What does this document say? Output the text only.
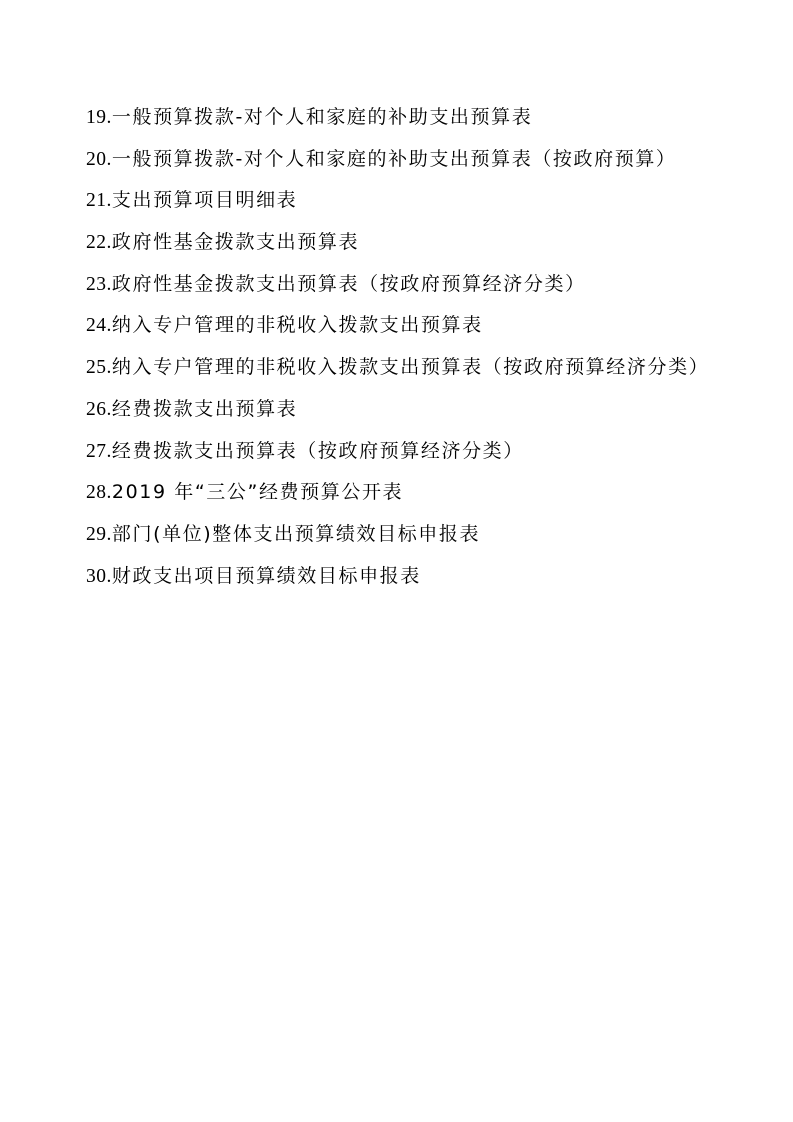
19.一般预算拨款-对个人和家庭的补助支出预算表
20.一般预算拨款-对个人和家庭的补助支出预算表（按政府预算）
21.支出预算项目明细表
22.政府性基金拨款支出预算表
23.政府性基金拨款支出预算表（按政府预算经济分类）
24.纳入专户管理的非税收入拨款支出预算表
25.纳入专户管理的非税收入拨款支出预算表（按政府预算经济分类）
26.经费拨款支出预算表
27.经费拨款支出预算表（按政府预算经济分类）
28.2019 年“三公”经费预算公开表
29.部门(单位)整体支出预算绩效目标申报表
30.财政支出项目预算绩效目标申报表
